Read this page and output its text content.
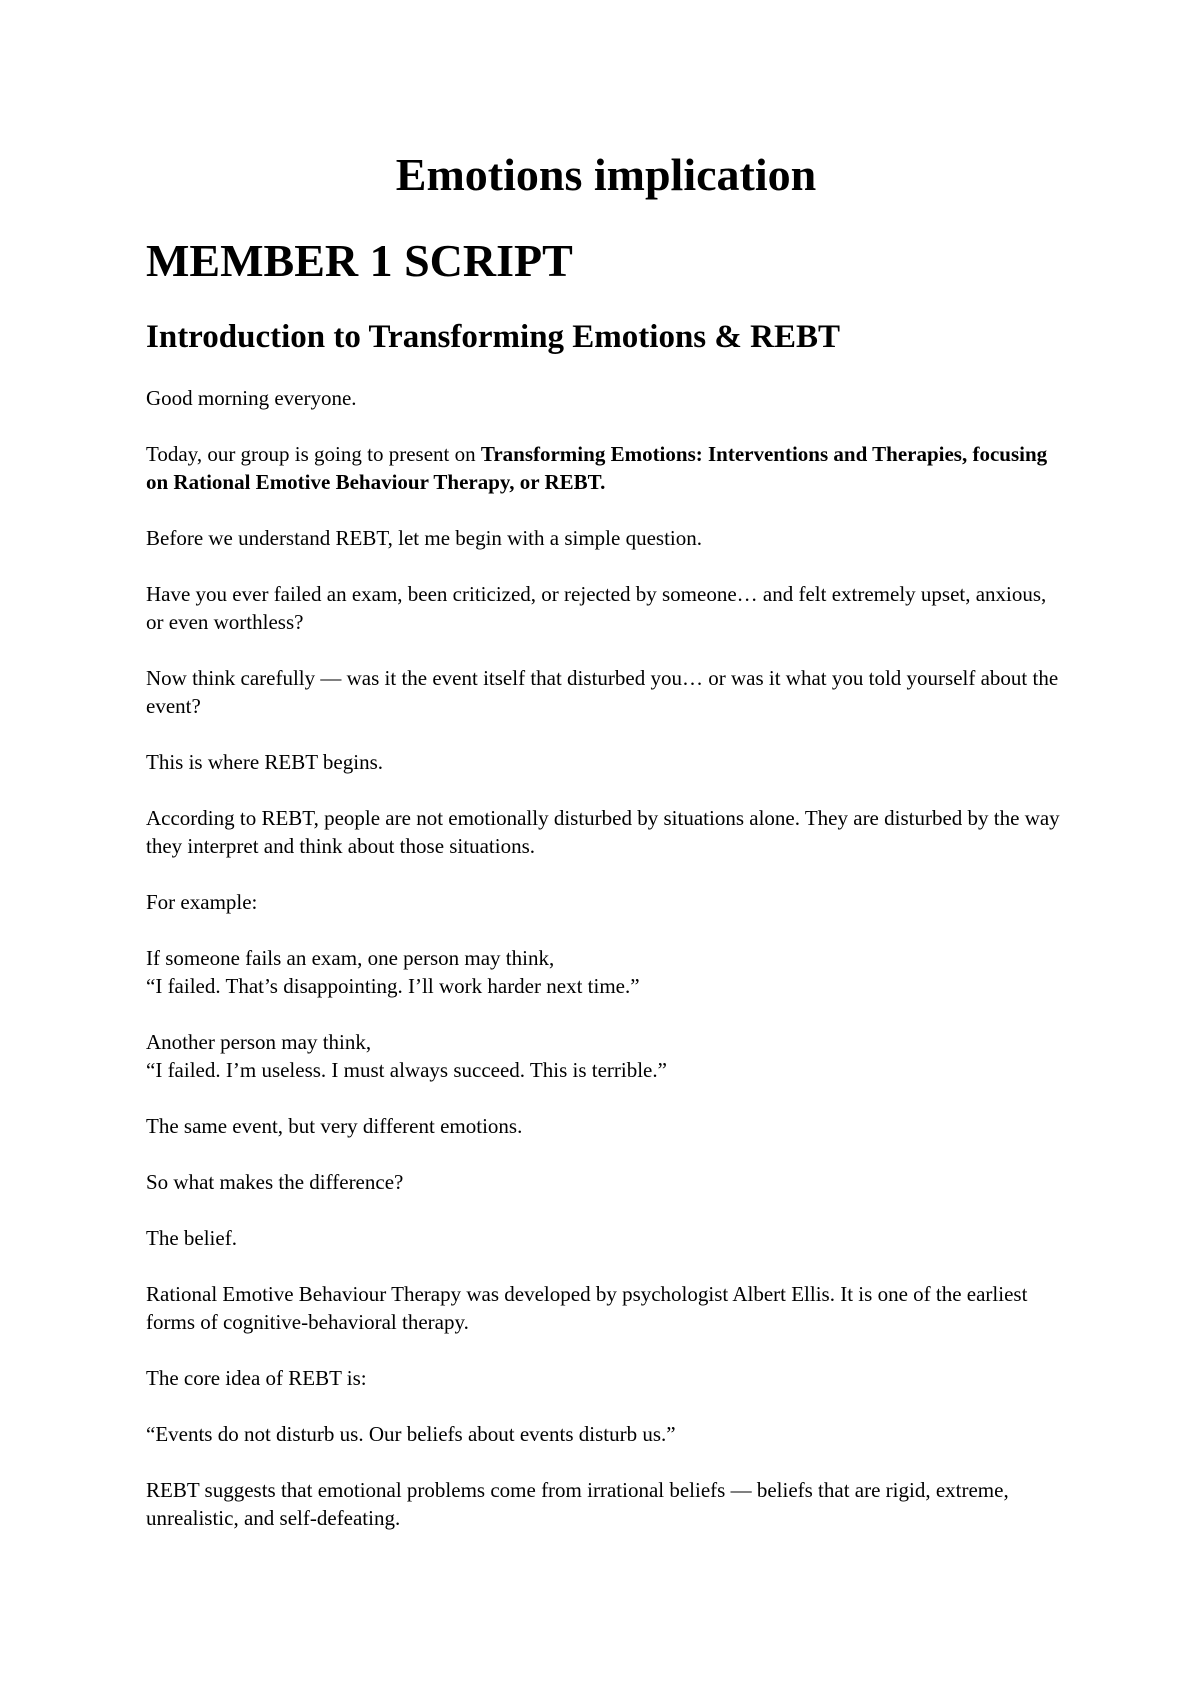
Emotions implication
MEMBER 1 SCRIPT
Introduction to Transforming Emotions & REBT

Good morning everyone.

Today, our group is going to present on Transforming Emotions: Interventions and Therapies, focusing on Rational Emotive Behaviour Therapy, or REBT.

Before we understand REBT, let me begin with a simple question.

Have you ever failed an exam, been criticized, or rejected by someone… and felt extremely upset, anxious, or even worthless?

Now think carefully — was it the event itself that disturbed you… or was it what you told yourself about the event?

This is where REBT begins.

According to REBT, people are not emotionally disturbed by situations alone. They are disturbed by the way they interpret and think about those situations.

For example:

If someone fails an exam, one person may think,
“I failed. That’s disappointing. I’ll work harder next time.”

Another person may think,
“I failed. I’m useless. I must always succeed. This is terrible.”

The same event, but very different emotions.

So what makes the difference?

The belief.

Rational Emotive Behaviour Therapy was developed by psychologist Albert Ellis. It is one of the earliest forms of cognitive-behavioral therapy.

The core idea of REBT is:

“Events do not disturb us. Our beliefs about events disturb us.”

REBT suggests that emotional problems come from irrational beliefs — beliefs that are rigid, extreme, unrealistic, and self-defeating.
